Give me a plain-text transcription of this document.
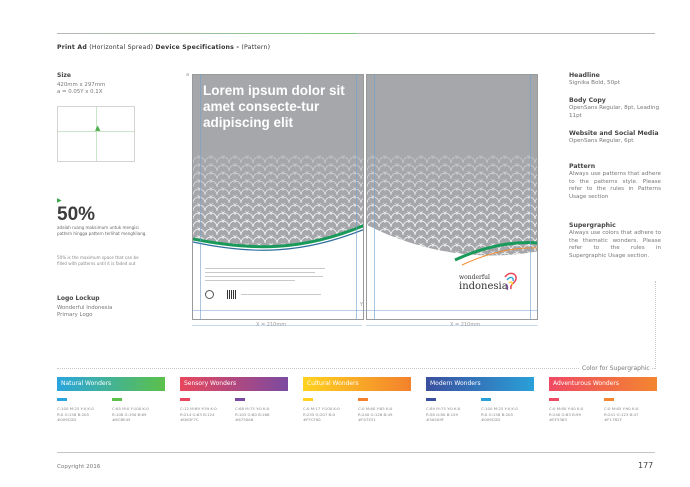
Print Ad (Horizontal Spread) Device Specifications - (Pattern)
Size
420mm x 297mm
a = 0.05Y x 0.1X
▲
▶
50%
adalah ruang maksimum untuk mengisi pattern hingga pattern terlihat menghilang.
50% is the maximum space that can be filled with patterns until it is faded out
Logo Lockup
Wonderful Indonesia
Primary Logo
Lorem ipsum dolor sit amet consecte-tur adipiscing elit
wonderful
indonesia
a
Y
X = 210mm	X = 210mm
Headline
Signika Bold, 50pt
Body Copy
OpenSans Regular, 8pt, Leading 11pt
Website and Social Media
OpenSans Regular, 6pt
Pattern
Always use patterns that adhere to the patterns style. Please refer to the rules in Patterns Usage section
Supergraphic
Always use colors that adhere to the thematic wonders. Please refer to the rules in Supergraphic Usage section.
Color for Supergraphic
Natural Wonders
C:100 M:25 Y:0 K:0
R:0 G:156 B:205
#009CDD
C:65 M:0 Y:100 K:0
R:108 G:190 B:69
#6CBE45
Sensory Wonders
C:12 M:89 Y:59 K:0
R:214 G:63 B:124
#D63F7C
C:68 M:75 Y:0 K:0
R:103 G:80 B:166
#6750A6
Cultural Wonders
C:0 M:17 Y:100 K:0
R:255 G:207 B:0
#FFCF00
C:0 M:60 Y:85 K:0
R:240 G:126 B:49
#F07E31
Modern Wonders
C:89 M:75 Y:0 K:0
R:58 G:80 B:159
#3A509F
C:100 M:25 Y:0 K:0
R:0 G:156 B:205
#009CDD
Adventurous Wonders
C:0 M:80 Y:40 K:0
R:240 G:83 B:99
#EF5363
C:0 M:65 Y:90 K:0
R:241 G:123 B:47
#F17B2F
Copyright 2016	177
